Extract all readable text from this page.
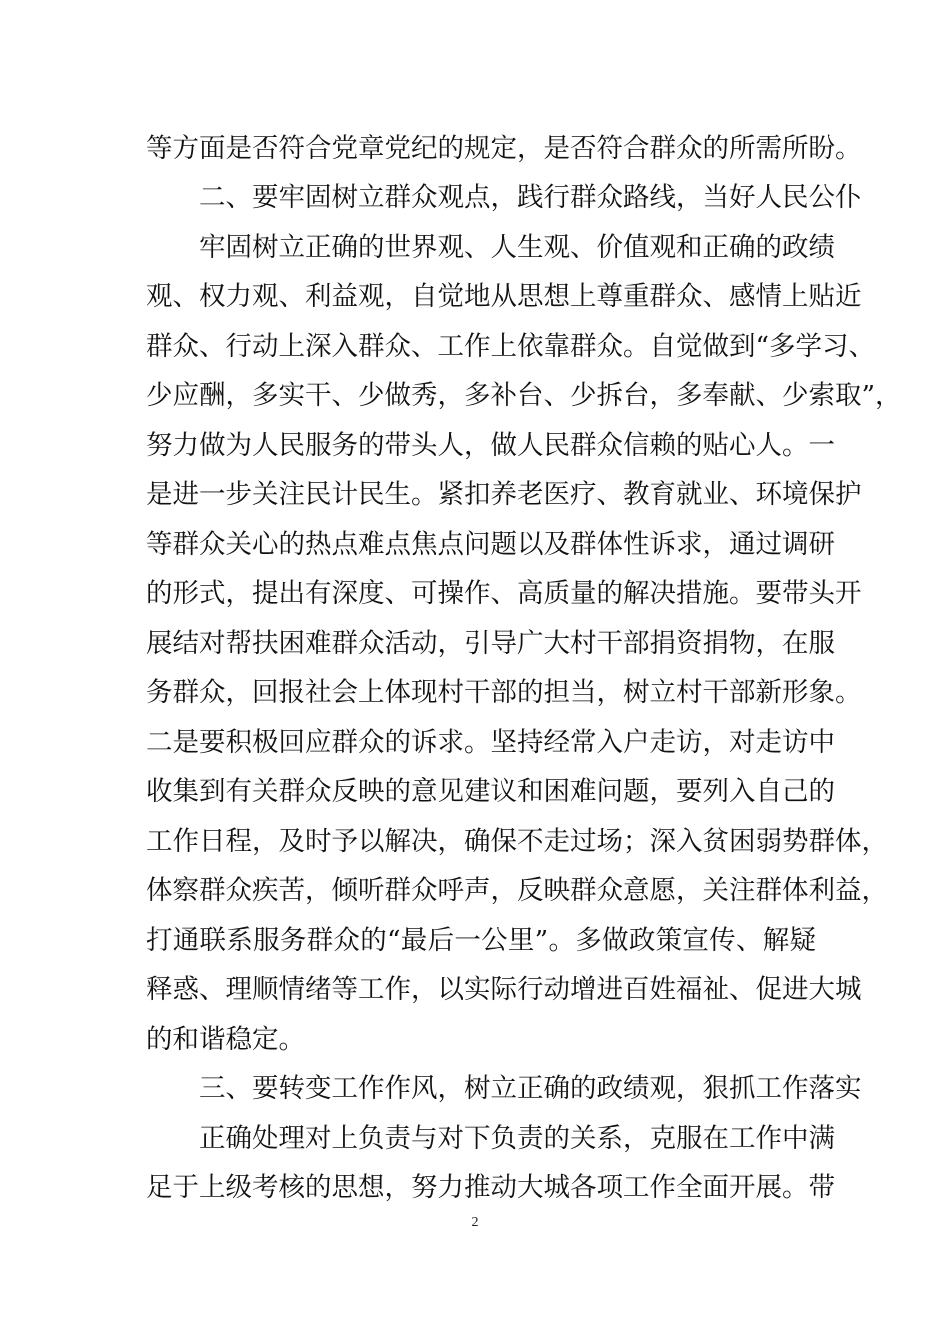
等方面是否符合党章党纪的规定，是否符合群众的所需所盼。
二、要牢固树立群众观点，践行群众路线，当好人民公仆
牢固树立正确的世界观、人生观、价值观和正确的政绩
观、权力观、利益观，自觉地从思想上尊重群众、感情上贴近
群众、行动上深入群众、工作上依靠群众。自觉做到“多学习、
少应酬，多实干、少做秀，多补台、少拆台，多奉献、少索取”，
努力做为人民服务的带头人，做人民群众信赖的贴心人。一
是进一步关注民计民生。紧扣养老医疗、教育就业、环境保护
等群众关心的热点难点焦点问题以及群体性诉求，通过调研
的形式，提出有深度、可操作、高质量的解决措施。要带头开
展结对帮扶困难群众活动，引导广大村干部捐资捐物，在服
务群众，回报社会上体现村干部的担当，树立村干部新形象。
二是要积极回应群众的诉求。坚持经常入户走访，对走访中
收集到有关群众反映的意见建议和困难问题，要列入自己的
工作日程，及时予以解决，确保不走过场；深入贫困弱势群体，
体察群众疾苦，倾听群众呼声，反映群众意愿，关注群体利益，
打通联系服务群众的“最后一公里”。多做政策宣传、解疑
释惑、理顺情绪等工作，以实际行动增进百姓福祉、促进大城
的和谐稳定。
三、要转变工作作风，树立正确的政绩观，狠抓工作落实
正确处理对上负责与对下负责的关系，克服在工作中满
足于上级考核的思想，努力推动大城各项工作全面开展。带
2
